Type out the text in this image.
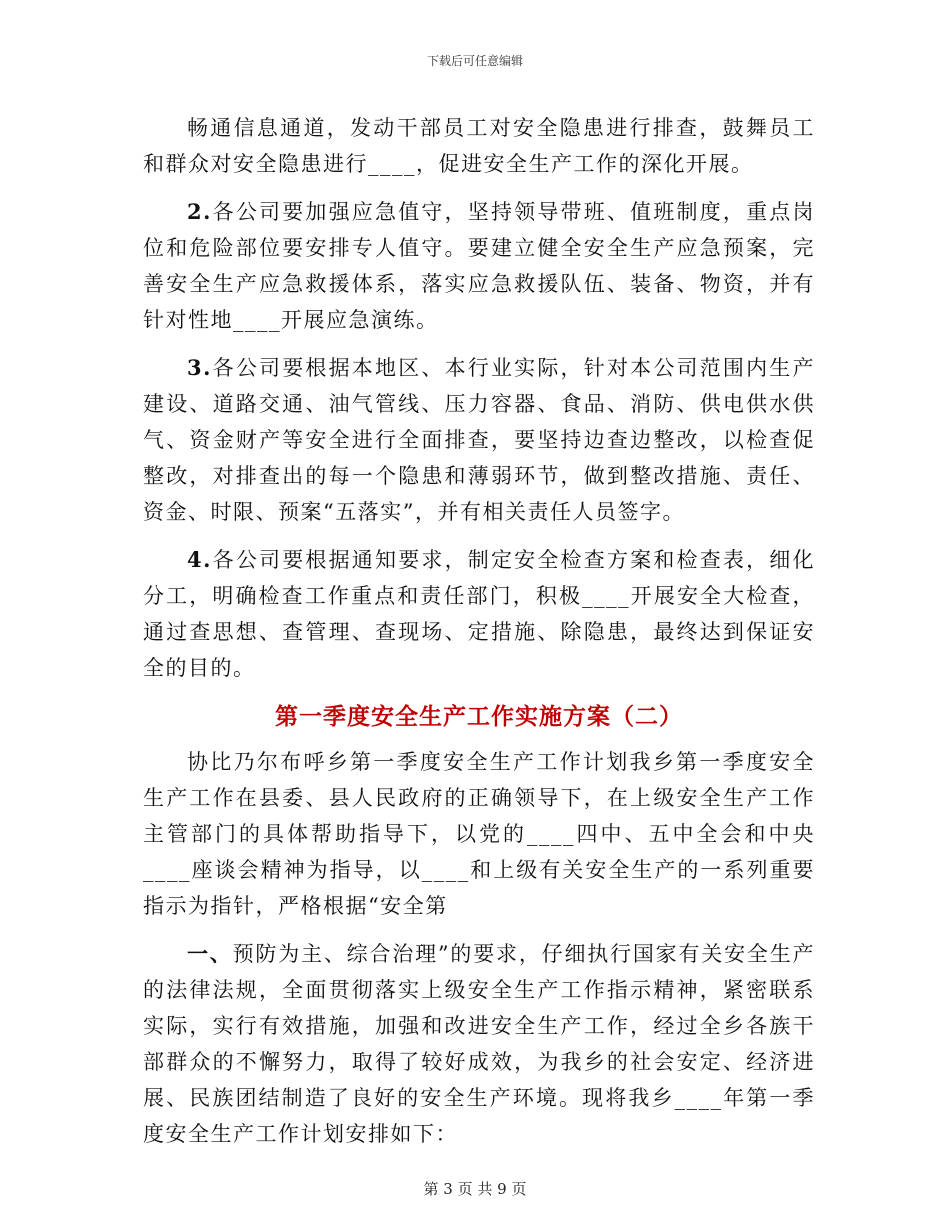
下载后可任意编辑

畅通信息通道，发动干部员工对安全隐患进行排查，鼓舞员工和群众对安全隐患进行____，促进安全生产工作的深化开展。

2.各公司要加强应急值守，坚持领导带班、值班制度，重点岗位和危险部位要安排专人值守。要建立健全安全生产应急预案，完善安全生产应急救援体系，落实应急救援队伍、装备、物资，并有针对性地____开展应急演练。

3.各公司要根据本地区、本行业实际，针对本公司范围内生产建设、道路交通、油气管线、压力容器、食品、消防、供电供水供气、资金财产等安全进行全面排查，要坚持边查边整改，以检查促整改，对排查出的每一个隐患和薄弱环节，做到整改措施、责任、资金、时限、预案“五落实”，并有相关责任人员签字。

4.各公司要根据通知要求，制定安全检查方案和检查表，细化分工，明确检查工作重点和责任部门，积极____开展安全大检查，通过查思想、查管理、查现场、定措施、除隐患，最终达到保证安全的目的。

第一季度安全生产工作实施方案（二）

协比乃尔布呼乡第一季度安全生产工作计划我乡第一季度安全生产工作在县委、县人民政府的正确领导下，在上级安全生产工作主管部门的具体帮助指导下，以党的____四中、五中全会和中央____座谈会精神为指导，以____和上级有关安全生产的一系列重要指示为指针，严格根据“安全第

一、预防为主、综合治理”的要求，仔细执行国家有关安全生产的法律法规，全面贯彻落实上级安全生产工作指示精神，紧密联系实际，实行有效措施，加强和改进安全生产工作，经过全乡各族干部群众的不懈努力，取得了较好成效，为我乡的社会安定、经济进展、民族团结制造了良好的安全生产环境。现将我乡____年第一季度安全生产工作计划安排如下：

第 3 页 共 9 页
